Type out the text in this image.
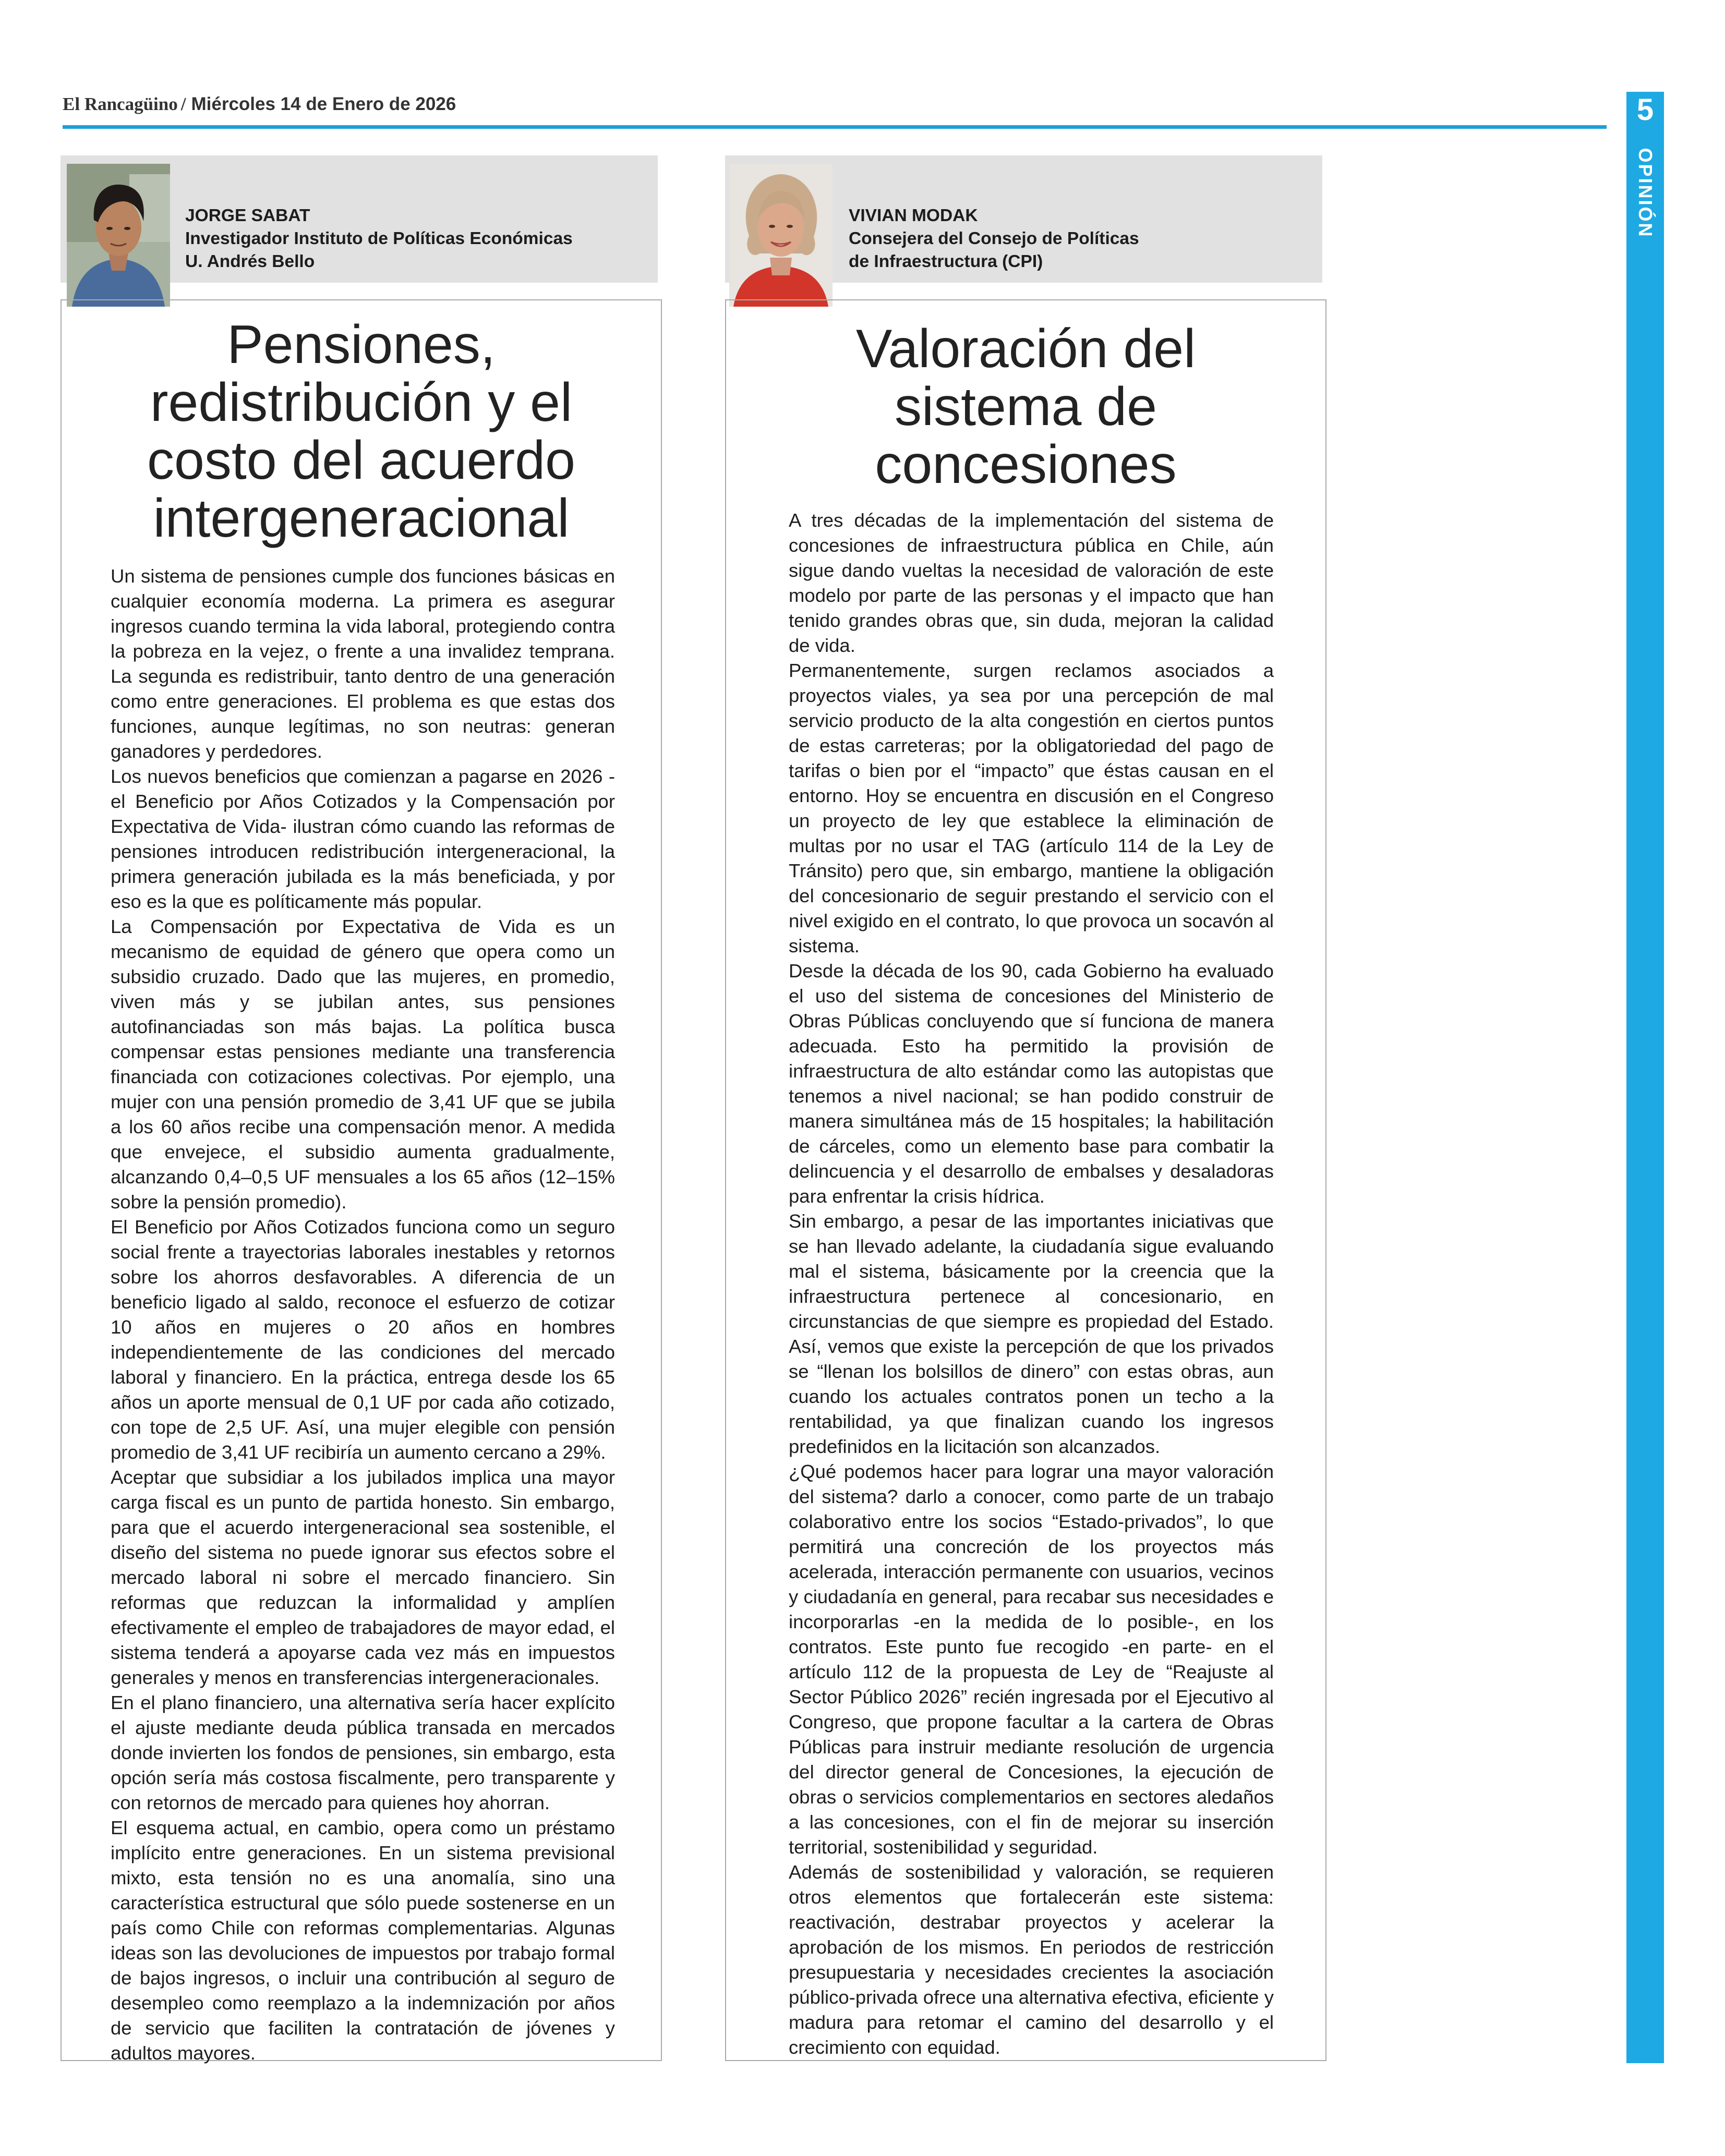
El Rancagüino / Miércoles 14 de Enero de 2026	5
OPINIÓN
JORGE SABAT
Investigador Instituto de Políticas Económicas
U. Andrés Bello
Pensiones,
redistribución y el
costo del acuerdo
intergeneracional

Un sistema de pensiones cumple dos funciones básicas en cualquier economía moderna. La primera es asegurar ingresos cuando termina la vida laboral, protegiendo contra la pobreza en la vejez, o frente a una invalidez temprana. La segunda es redistribuir, tanto dentro de una generación como entre generaciones. El problema es que estas dos funciones, aunque legítimas, no son neutras: generan ganadores y perdedores.

Los nuevos beneficios que comienzan a pagarse en 2026 -el Beneficio por Años Cotizados y la Compensación por Expectativa de Vida- ilustran cómo cuando las reformas de pensiones introducen redistribución intergeneracional, la primera generación jubilada es la más beneficiada, y por eso es la que es políticamente más popular.

La Compensación por Expectativa de Vida es un mecanismo de equidad de género que opera como un subsidio cruzado. Dado que las mujeres, en promedio, viven más y se jubilan antes, sus pensiones autofinanciadas son más bajas. La política busca compensar estas pensiones mediante una transferencia financiada con cotizaciones colectivas. Por ejemplo, una mujer con una pensión promedio de 3,41 UF que se jubila a los 60 años recibe una compensación menor. A medida que envejece, el subsidio aumenta gradualmente, alcanzando 0,4–0,5 UF mensuales a los 65 años (12–15% sobre la pensión promedio).

El Beneficio por Años Cotizados funciona como un seguro social frente a trayectorias laborales inestables y retornos sobre los ahorros desfavorables. A diferencia de un beneficio ligado al saldo, reconoce el esfuerzo de cotizar 10 años en mujeres o 20 años en hombres independientemente de las condiciones del mercado laboral y financiero. En la práctica, entrega desde los 65 años un aporte mensual de 0,1 UF por cada año cotizado, con tope de 2,5 UF. Así, una mujer elegible con pensión promedio de 3,41 UF recibiría un aumento cercano a 29%.

Aceptar que subsidiar a los jubilados implica una mayor carga fiscal es un punto de partida honesto. Sin embargo, para que el acuerdo intergeneracional sea sostenible, el diseño del sistema no puede ignorar sus efectos sobre el mercado laboral ni sobre el mercado financiero. Sin reformas que reduzcan la informalidad y amplíen efectivamente el empleo de trabajadores de mayor edad, el sistema tenderá a apoyarse cada vez más en impuestos generales y menos en transferencias intergeneracionales.

En el plano financiero, una alternativa sería hacer explícito el ajuste mediante deuda pública transada en mercados donde invierten los fondos de pensiones, sin embargo, esta opción sería más costosa fiscalmente, pero transparente y con retornos de mercado para quienes hoy ahorran.

El esquema actual, en cambio, opera como un préstamo implícito entre generaciones. En un sistema previsional mixto, esta tensión no es una anomalía, sino una característica estructural que sólo puede sostenerse en un país como Chile con reformas complementarias. Algunas ideas son las devoluciones de impuestos por trabajo formal de bajos ingresos, o incluir una contribución al seguro de desempleo como reemplazo a la indemnización por años de servicio que faciliten la contratación de jóvenes y adultos mayores.

VIVIAN MODAK
Consejera del Consejo de Políticas
de Infraestructura (CPI)
Valoración del
sistema de
concesiones

A tres décadas de la implementación del sistema de concesiones de infraestructura pública en Chile, aún sigue dando vueltas la necesidad de valoración de este modelo por parte de las personas y el impacto que han tenido grandes obras que, sin duda, mejoran la calidad de vida.

Permanentemente, surgen reclamos asociados a proyectos viales, ya sea por una percepción de mal servicio producto de la alta congestión en ciertos puntos de estas carreteras; por la obligatoriedad del pago de tarifas o bien por el “impacto” que éstas causan en el entorno. Hoy se encuentra en discusión en el Congreso un proyecto de ley que establece la eliminación de multas por no usar el TAG (artículo 114 de la Ley de Tránsito) pero que, sin embargo, mantiene la obligación del concesionario de seguir prestando el servicio con el nivel exigido en el contrato, lo que provoca un socavón al sistema.

Desde la década de los 90, cada Gobierno ha evaluado el uso del sistema de concesiones del Ministerio de Obras Públicas concluyendo que sí funciona de manera adecuada. Esto ha permitido la provisión de infraestructura de alto estándar como las autopistas que tenemos a nivel nacional; se han podido construir de manera simultánea más de 15 hospitales; la habilitación de cárceles, como un elemento base para combatir la delincuencia y el desarrollo de embalses y desaladoras para enfrentar la crisis hídrica.

Sin embargo, a pesar de las importantes iniciativas que se han llevado adelante, la ciudadanía sigue evaluando mal el sistema, básicamente por la creencia que la infraestructura pertenece al concesionario, en circunstancias de que siempre es propiedad del Estado. Así, vemos que existe la percepción de que los privados se “llenan los bolsillos de dinero” con estas obras, aun cuando los actuales contratos ponen un techo a la rentabilidad, ya que finalizan cuando los ingresos predefinidos en la licitación son alcanzados.

¿Qué podemos hacer para lograr una mayor valoración del sistema? darlo a conocer, como parte de un trabajo colaborativo entre los socios “Estado-privados”, lo que permitirá una concreción de los proyectos más acelerada, interacción permanente con usuarios, vecinos y ciudadanía en general, para recabar sus necesidades e incorporarlas -en la medida de lo posible-, en los contratos. Este punto fue recogido -en parte- en el artículo 112 de la propuesta de Ley de “Reajuste al Sector Público 2026” recién ingresada por el Ejecutivo al Congreso, que propone facultar a la cartera de Obras Públicas para instruir mediante resolución de urgencia del director general de Concesiones, la ejecución de obras o servicios complementarios en sectores aledaños a las concesiones, con el fin de mejorar su inserción territorial, sostenibilidad y seguridad.

Además de sostenibilidad y valoración, se requieren otros elementos que fortalecerán este sistema: reactivación, destrabar proyectos y acelerar la aprobación de los mismos. En periodos de restricción presupuestaria y necesidades crecientes la asociación público-privada ofrece una alternativa efectiva, eficiente y madura para retomar el camino del desarrollo y el crecimiento con equidad.
